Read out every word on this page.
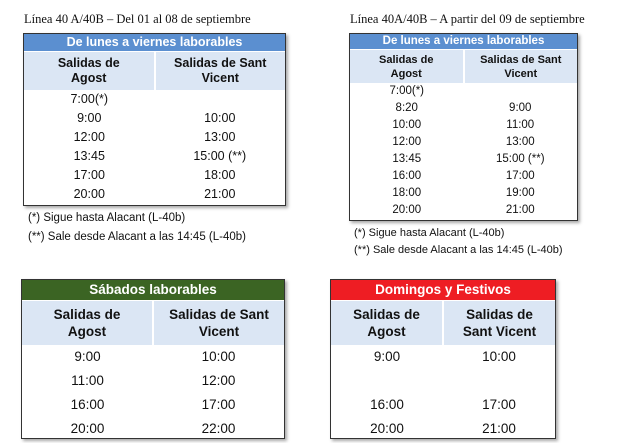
Línea 40 A/40B – Del 01 al 08 de septiembre	Línea 40A/40B – A partir del 09 de septiembre
De lunes a viernes laborables
Salidas de
Agost
Salidas de Sant
Vicent
7:00(*)
9:00	10:00
12:00	13:00
13:45	15:00 (**)
17:00	18:00
20:00	21:00
(*) Sigue hasta Alacant (L-40b)
(**) Sale desde Alacant a las 14:45 (L-40b)
De lunes a viernes laborables
Salidas de
Agost
Salidas de Sant
Vicent
7:00(*)
8:20	9:00
10:00	11:00
12:00	13:00
13:45	15:00 (**)
16:00	17:00
18:00	19:00
20:00	21:00
(*) Sigue hasta Alacant (L-40b)
(**) Sale desde Alacant a las 14:45 (L-40b)
Sábados laborables
Salidas de
Agost
Salidas de Sant
Vicent
9:00	10:00
11:00	12:00
16:00	17:00
20:00	22:00
Domingos y Festivos
Salidas de
Agost
Salidas de
Sant Vicent
9:00	10:00
16:00	17:00
20:00	21:00
